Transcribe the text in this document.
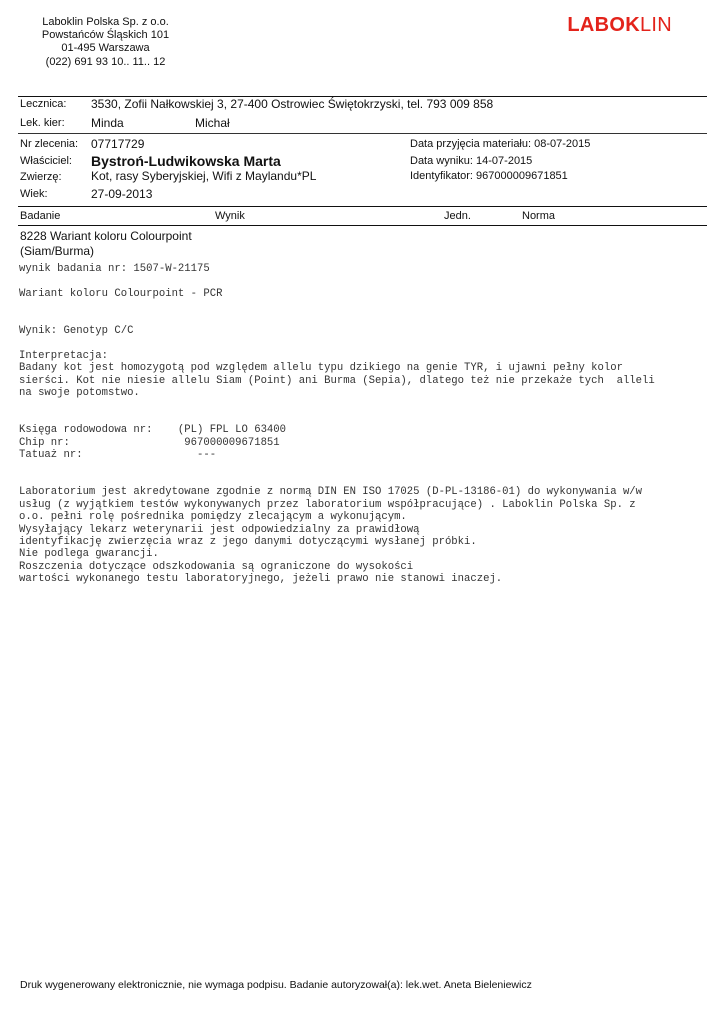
Laboklin Polska Sp. z o.o.
Powstańców Śląskich 101
01-495 Warszawa
(022) 691 93 10.. 11.. 12
LABOKLIN
Lecznica: 3530, Zofii Nałkowskiej 3, 27-400 Ostrowiec Świętokrzyski, tel. 793 009 858
Lek. kier: Minda	Michał
Nr zlecenia: 07717729
Właściciel: Bystroń-Ludwikowska Marta
Zwierzę: Kot, rasy Syberyjskiej, Wifi z Maylandu*PL
Wiek:	27-09-2013
Data przyjęcia materiału: 08-07-2015
Data wyniku: 14-07-2015
Identyfikator: 967000009671851
Badanie	Wynik	Jedn.	Norma
8228 Wariant koloru Colourpoint
(Siam/Burma)
wynik badania nr: 1507-W-21175

Wariant koloru Colourpoint - PCR

Wynik: Genotyp C/C

Interpretacja:
Badany kot jest homozygotą pod względem allelu typu dzikiego na genie TYR, i ujawni pełny kolor
sierści. Kot nie niesie allelu Siam (Point) ani Burma (Sepia), dlatego też nie przekaże tych  alleli
na swoje potomstwo.

Księga rodowodowa nr:    (PL) FPL LO 63400
Chip nr:                  967000009671851
Tatuaż nr:                  ---

Laboratorium jest akredytowane zgodnie z normą DIN EN ISO 17025 (D-PL-13186-01) do wykonywania w/w
usług (z wyjątkiem testów wykonywanych przez laboratorium współpracujące) . Laboklin Polska Sp. z
o.o. pełni rolę pośrednika pomiędzy zlecającym a wykonującym.
Wysyłający lekarz weterynarii jest odpowiedzialny za prawidłową
identyfikację zwierzęcia wraz z jego danymi dotyczącymi wysłanej próbki.
Nie podlega gwarancji.
Roszczenia dotyczące odszkodowania są ograniczone do wysokości
wartości wykonanego testu laboratoryjnego, jeżeli prawo nie stanowi inaczej.
Druk wygenerowany elektronicznie, nie wymaga podpisu. Badanie autoryzował(a): lek.wet. Aneta Bieleniewicz
